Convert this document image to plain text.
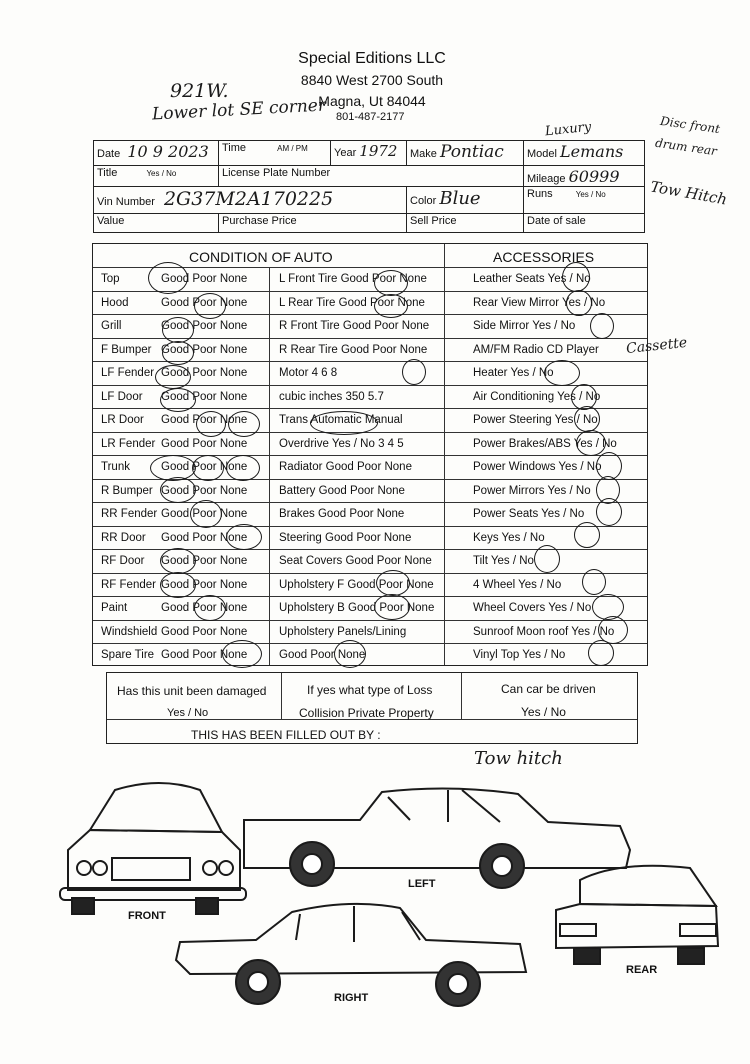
Special Editions LLC
8840 West 2700 South
Magna, Ut 84044
801-487-2177
921W.
Lower lot SE corner
Disc front
drum rear
Tow Hitch
Cassette
Tow hitch
Date 10 9 2023	Time	AM / PM	Year 1972	Make Pontiac	Model Lemans
Luxury
Title	Yes / No	License Plate Number	Mileage 60999
Vin Number 2G37M2A170225	Color Blue	Runs	Yes / No
Value	Purchase Price	Sell Price	Date of sale
CONDITION OF AUTO	ACCESSORIES
Top	Good Poor None	L Front Tire Good Poor None	Leather Seats Yes / No
Hood	Good Poor None	L Rear Tire Good Poor None	Rear View Mirror Yes / No
Grill	Good Poor None	R Front Tire Good Poor None	Side Mirror Yes / No
F Bumper Good Poor None	R Rear Tire Good Poor None	AM/FM Radio CD Player
LF Fender Good Poor None	Motor 4 6 8	Heater Yes / No
LF Door Good Poor None	cubic inches 350 5.7	Air Conditioning Yes / No
LR Door Good Poor None	Trans Automatic Manual	Power Steering Yes / No
LR Fender Good Poor None	Overdrive Yes / No 3 4 5	Power Brakes/ABS Yes / No
Trunk	Good Poor None	Radiator Good Poor None	Power Windows Yes / No
R Bumper Good Poor None	Battery Good Poor None	Power Mirrors Yes / No
RR Fender Good Poor None	Brakes Good Poor None	Power Seats Yes / No
RR Door Good Poor None	Steering Good Poor None	Keys Yes / No
RF Door Good Poor None	Seat Covers Good Poor None	Tilt Yes / No
RF Fender Good Poor None	Upholstery F Good Poor None	4 Wheel Yes / No
Paint	Good Poor None	Upholstery B Good Poor None	Wheel Covers Yes / No
Windshield Good Poor None	Upholstery Panels/Lining	Sunroof Moon roof Yes / No
Spare Tire Good Poor None	Good Poor None	Vinyl Top Yes / No
Has this unit been damaged
Yes / No
If yes what type of Loss
Collision Private Property
Can car be driven
Yes / No
THIS HAS BEEN FILLED OUT BY :
FRONT
LEFT
RIGHT
REAR
